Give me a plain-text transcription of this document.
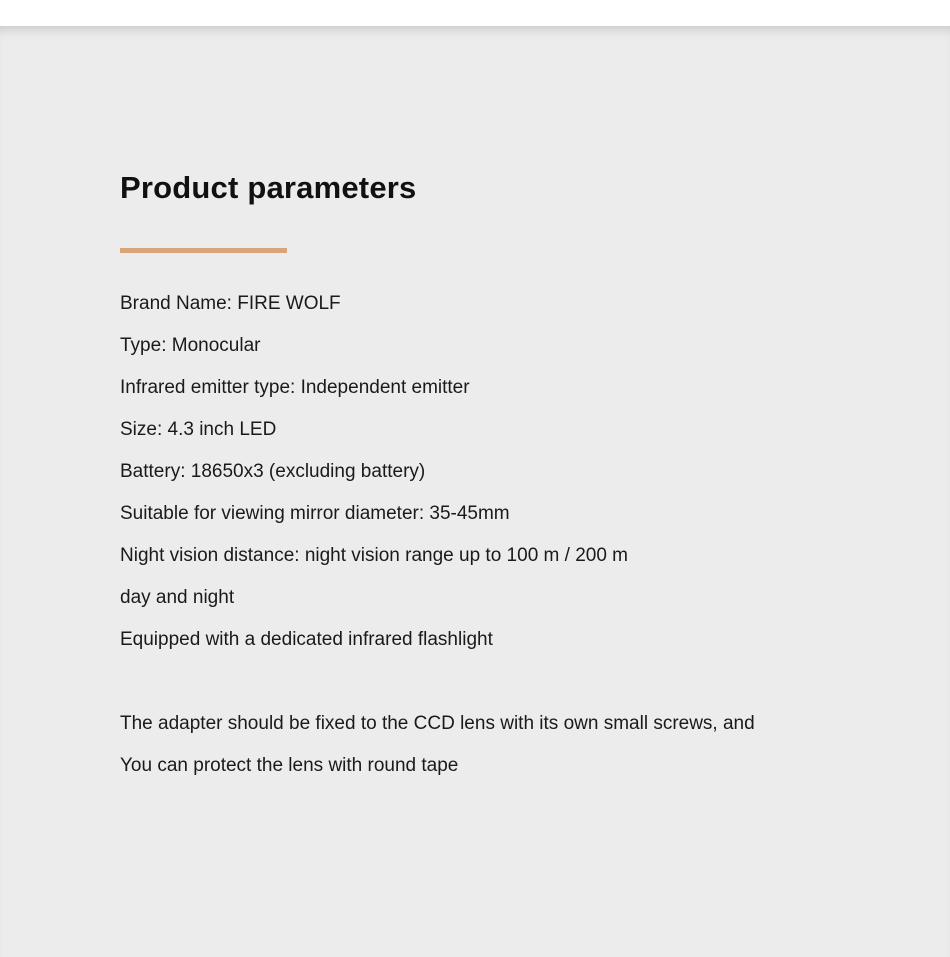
Product parameters
Brand Name: FIRE WOLF
Type: Monocular
Infrared emitter type: Independent emitter
Size: 4.3 inch LED
Battery: 18650x3 (excluding battery)
Suitable for viewing mirror diameter: 35-45mm
Night vision distance: night vision range up to 100 m / 200 m
day and night
Equipped with a dedicated infrared flashlight

The adapter should be fixed to the CCD lens with its own small screws, and

You can protect the lens with round tape
